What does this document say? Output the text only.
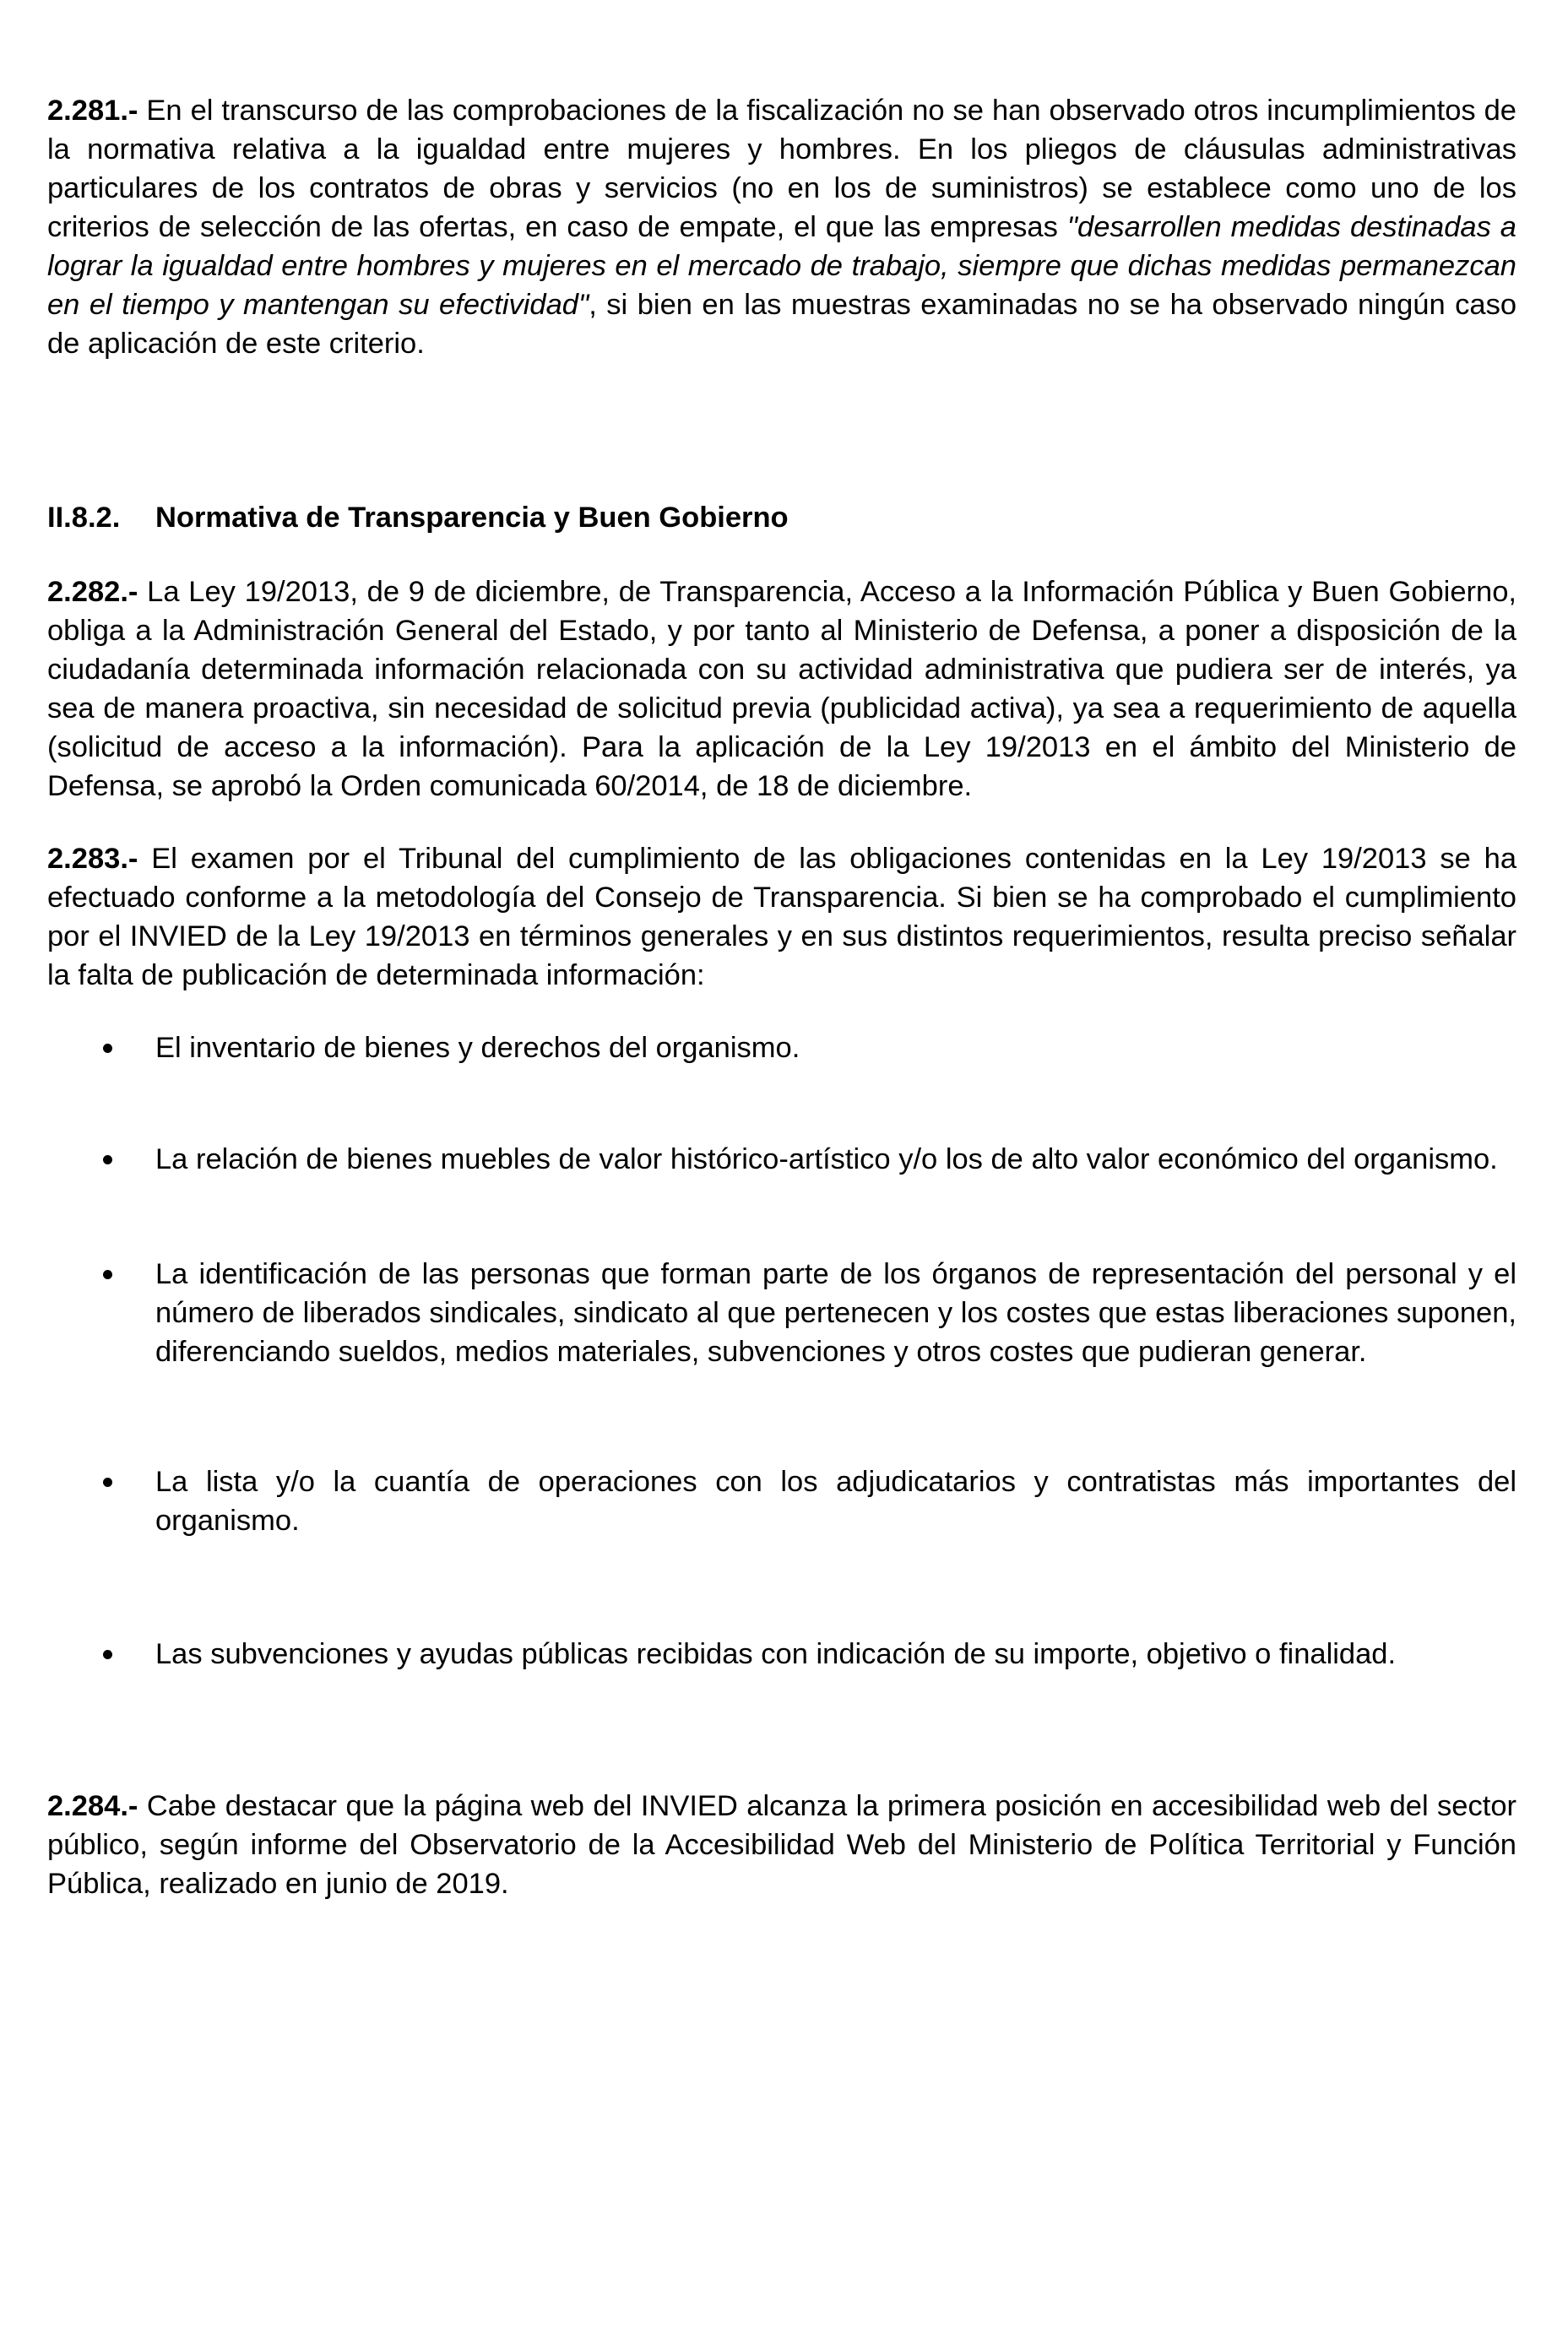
2.281.- En el transcurso de las comprobaciones de la fiscalización no se han observado otros incumplimientos de la normativa relativa a la igualdad entre mujeres y hombres. En los pliegos de cláusulas administrativas particulares de los contratos de obras y servicios (no en los de suministros) se establece como uno de los criterios de selección de las ofertas, en caso de empate, el que las empresas "desarrollen medidas destinadas a lograr la igualdad entre hombres y mujeres en el mercado de trabajo, siempre que dichas medidas permanezcan en el tiempo y mantengan su efectividad", si bien en las muestras examinadas no se ha observado ningún caso de aplicación de este criterio.

II.8.2. Normativa de Transparencia y Buen Gobierno

2.282.- La Ley 19/2013, de 9 de diciembre, de Transparencia, Acceso a la Información Pública y Buen Gobierno, obliga a la Administración General del Estado, y por tanto al Ministerio de Defensa, a poner a disposición de la ciudadanía determinada información relacionada con su actividad administrativa que pudiera ser de interés, ya sea de manera proactiva, sin necesidad de solicitud previa (publicidad activa), ya sea a requerimiento de aquella (solicitud de acceso a la información). Para la aplicación de la Ley 19/2013 en el ámbito del Ministerio de Defensa, se aprobó la Orden comunicada 60/2014, de 18 de diciembre.

2.283.- El examen por el Tribunal del cumplimiento de las obligaciones contenidas en la Ley 19/2013 se ha efectuado conforme a la metodología del Consejo de Transparencia. Si bien se ha comprobado el cumplimiento por el INVIED de la Ley 19/2013 en términos generales y en sus distintos requerimientos, resulta preciso señalar la falta de publicación de determinada información:

El inventario de bienes y derechos del organismo.
La relación de bienes muebles de valor histórico-artístico y/o los de alto valor económico del organismo.
La identificación de las personas que forman parte de los órganos de representación del personal y el número de liberados sindicales, sindicato al que pertenecen y los costes que estas liberaciones suponen, diferenciando sueldos, medios materiales, subvenciones y otros costes que pudieran generar.
La lista y/o la cuantía de operaciones con los adjudicatarios y contratistas más importantes del organismo.
Las subvenciones y ayudas públicas recibidas con indicación de su importe, objetivo o finalidad.

2.284.- Cabe destacar que la página web del INVIED alcanza la primera posición en accesibilidad web del sector público, según informe del Observatorio de la Accesibilidad Web del Ministerio de Política Territorial y Función Pública, realizado en junio de 2019.
